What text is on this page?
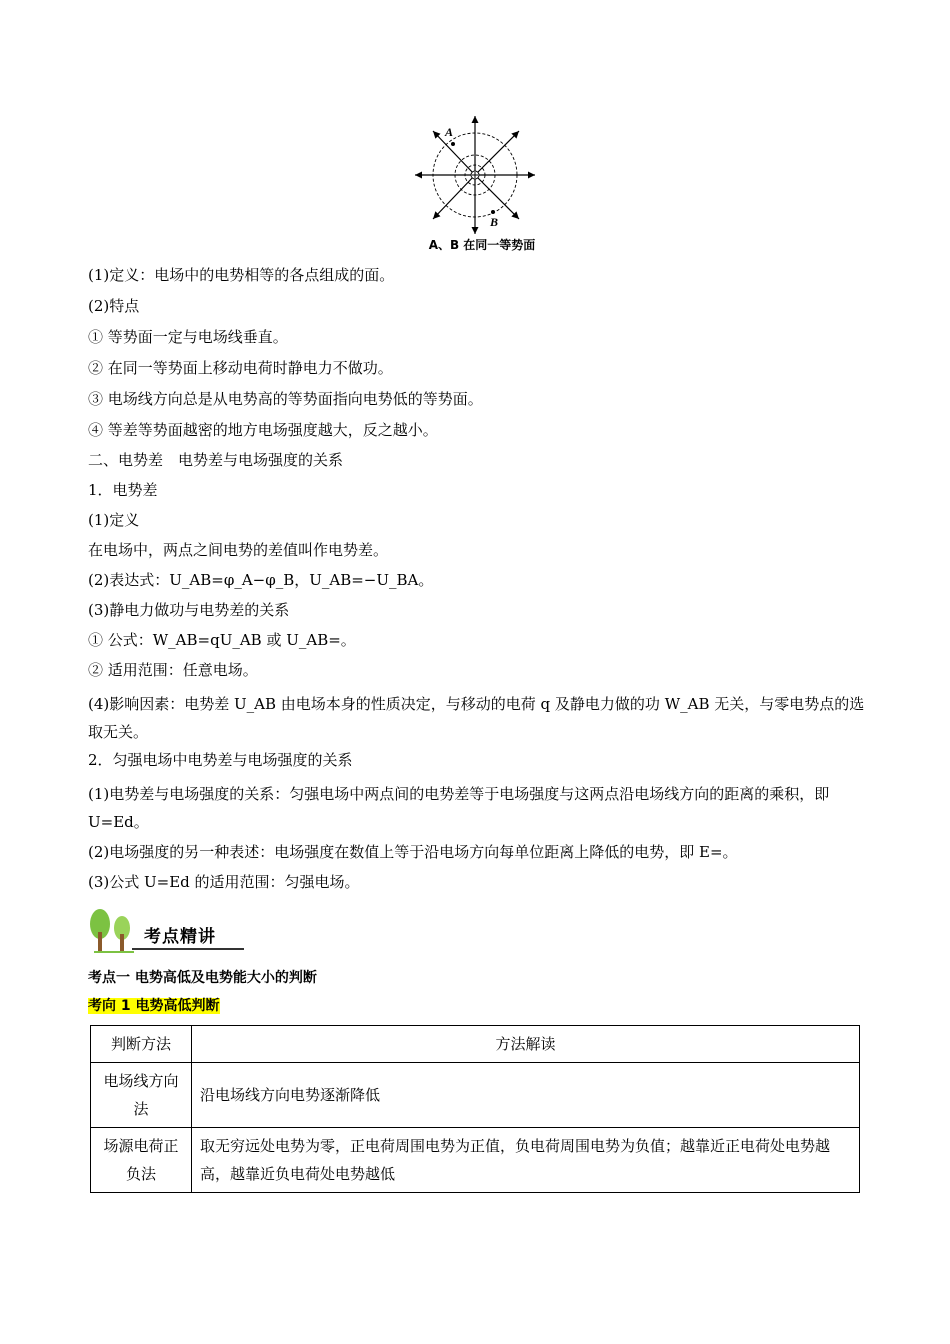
A
B
A、B 在同一等势面
(1)定义：电场中的电势相等的各点组成的面。
(2)特点
① 等势面一定与电场线垂直。
② 在同一等势面上移动电荷时静电力不做功。
③ 电场线方向总是从电势高的等势面指向电势低的等势面。
④ 等差等势面越密的地方电场强度越大，反之越小。
二、电势差　电势差与电场强度的关系
1．电势差
(1)定义
在电场中，两点之间电势的差值叫作电势差。
(2)表达式：U_AB=φ_A−φ_B，U_AB=−U_BA。
(3)静电力做功与电势差的关系
① 公式：W_AB=qU_AB 或 U_AB=。
② 适用范围：任意电场。
(4)影响因素：电势差 U_AB 由电场本身的性质决定，与移动的电荷 q 及静电力做的功 W_AB 无关，与零电势点的选取无关。
2．匀强电场中电势差与电场强度的关系
(1)电势差与电场强度的关系：匀强电场中两点间的电势差等于电场强度与这两点沿电场线方向的距离的乘积，即 U=Ed。
(2)电场强度的另一种表述：电场强度在数值上等于沿电场方向每单位距离上降低的电势，即 E=。
(3)公式 U=Ed 的适用范围：匀强电场。
考点精讲
考点一 电势高低及电势能大小的判断
考向 1 电势高低判断
判断方法	方法解读
电场线方向法	沿电场线方向电势逐渐降低
场源电荷正负法	取无穷远处电势为零，正电荷周围电势为正值，负电荷周围电势为负值；越靠近正电荷处电势越高，越靠近负电荷处电势越低
